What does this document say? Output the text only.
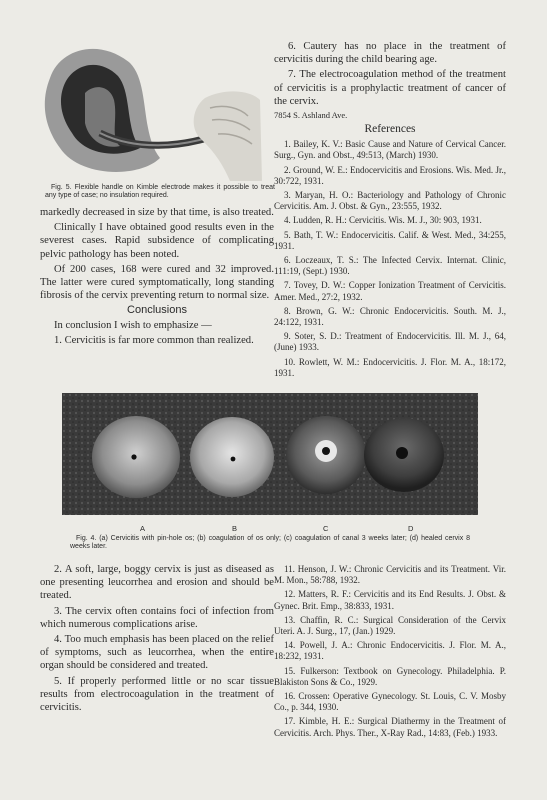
Fig. 5. Flexible handle on Kimble electrode makes it possible to treat any type of case; no insulation required.

markedly decreased in size by that time, is also treated.

Clinically I have obtained good results even in the severest cases. Rapid subsidence of complicating pelvic pathology has been noted.

Of 200 cases, 168 were cured and 32 improved. The latter were cured symptomatically, long standing fibrosis of the cervix preventing return to normal size.

Conclusions

In conclusion I wish to emphasize —

1. Cervicitis is far more common than realized.

6. Cautery has no place in the treatment of cervicitis during the child bearing age.

7. The electrocoagulation method of the treatment of cervicitis is a prophylactic treatment of cancer of the cervix.

7854 S. Ashland Ave.
References

1. Bailey, K. V.: Basic Cause and Nature of Cervical Cancer. Surg., Gyn. and Obst., 49:513, (March) 1930.

2. Ground, W. E.: Endocervicitis and Erosions. Wis. Med. Jr., 30:722, 1931.

3. Maryan, H. O.: Bacteriology and Pathology of Chronic Cervicitis. Am. J. Obst. & Gyn., 23:555, 1932.

4. Ludden, R. H.: Cervicitis. Wis. M. J., 30: 903, 1931.

5. Bath, T. W.: Endocervicitis. Calif. & West. Med., 34:255, 1931.

6. Loczeaux, T. S.: The Infected Cervix. Internat. Clinic, 111:19, (Sept.) 1930.

7. Tovey, D. W.: Copper Ionization Treatment of Cervicitis. Amer. Med., 27:2, 1932.

8. Brown, G. W.: Chronic Endocervicitis. South. M. J., 24:122, 1931.

9. Soter, S. D.: Treatment of Endocervicitis. Ill. M. J., 64, (June) 1933.

10. Rowlett, W. M.: Endocervicitis. J. Flor. M. A., 18:172, 1931.

A	B	C	D
Fig. 4. (a) Cervicitis with pin-hole os; (b) coagulation of os only; (c) coagulation of canal 3 weeks later; (d) healed cervix 8 weeks later.

2. A soft, large, boggy cervix is just as diseased as one presenting leucorrhea and erosion and should be treated.

3. The cervix often contains foci of infection from which numerous complications arise.

4. Too much emphasis has been placed on the relief of symptoms, such as leucorrhea, when the entire organ should be considered and treated.

5. If properly performed little or no scar tissue results from electrocoagulation in the treatment of cervicitis.

11. Henson, J. W.: Chronic Cervicitis and its Treatment. Vir. M. Mon., 58:788, 1932.

12. Matters, R. F.: Cervicitis and its End Results. J. Obst. & Gynec. Brit. Emp., 38:833, 1931.

13. Chaffin, R. C.: Surgical Consideration of the Cervix Uteri. A. J. Surg., 17, (Jan.) 1929.

14. Powell, J. A.: Chronic Endocervicitis. J. Flor. M. A., 18:232, 1931.

15. Fulkerson: Textbook on Gynecology. Philadelphia. P. Blakiston Sons & Co., 1929.

16. Crossen: Operative Gynecology. St. Louis, C. V. Mosby Co., p. 344, 1930.

17. Kimble, H. E.: Surgical Diathermy in the Treatment of Cervicitis. Arch. Phys. Ther., X-Ray Rad., 14:83, (Feb.) 1933.
